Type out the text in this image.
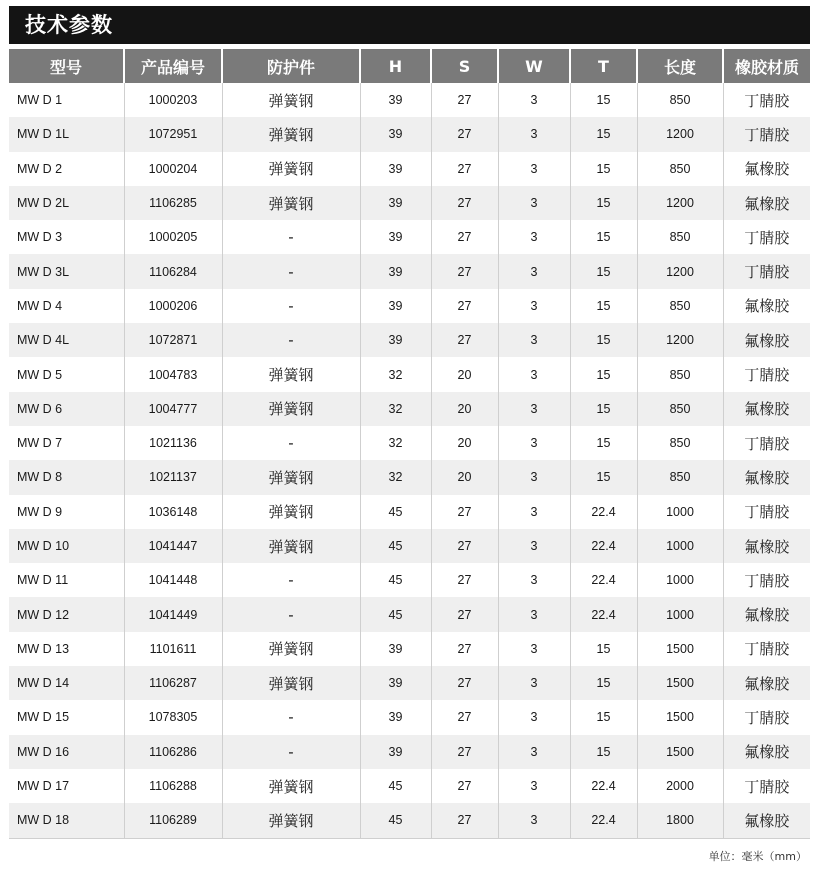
技术参数
型号	产品编号	防护件	H	S	W	T	长度	橡胶材质
MW D 1	1000203	弹簧钢	39	27	3	15	850	丁腈胶
MW D 1L	1072951	弹簧钢	39	27	3	15	1200	丁腈胶
MW D 2	1000204	弹簧钢	39	27	3	15	850	氟橡胶
MW D 2L	1106285	弹簧钢	39	27	3	15	1200	氟橡胶
MW D 3	1000205	-	39	27	3	15	850	丁腈胶
MW D 3L	1106284	-	39	27	3	15	1200	丁腈胶
MW D 4	1000206	-	39	27	3	15	850	氟橡胶
MW D 4L	1072871	-	39	27	3	15	1200	氟橡胶
MW D 5	1004783	弹簧钢	32	20	3	15	850	丁腈胶
MW D 6	1004777	弹簧钢	32	20	3	15	850	氟橡胶
MW D 7	1021136	-	32	20	3	15	850	丁腈胶
MW D 8	1021137	弹簧钢	32	20	3	15	850	氟橡胶
MW D 9	1036148	弹簧钢	45	27	3	22.4	1000	丁腈胶
MW D 10	1041447	弹簧钢	45	27	3	22.4	1000	氟橡胶
MW D 11	1041448	-	45	27	3	22.4	1000	丁腈胶
MW D 12	1041449	-	45	27	3	22.4	1000	氟橡胶
MW D 13	1101611	弹簧钢	39	27	3	15	1500	丁腈胶
MW D 14	1106287	弹簧钢	39	27	3	15	1500	氟橡胶
MW D 15	1078305	-	39	27	3	15	1500	丁腈胶
MW D 16	1106286	-	39	27	3	15	1500	氟橡胶
MW D 17	1106288	弹簧钢	45	27	3	22.4	2000	丁腈胶
MW D 18	1106289	弹簧钢	45	27	3	22.4	1800	氟橡胶
单位：毫米（mm）
